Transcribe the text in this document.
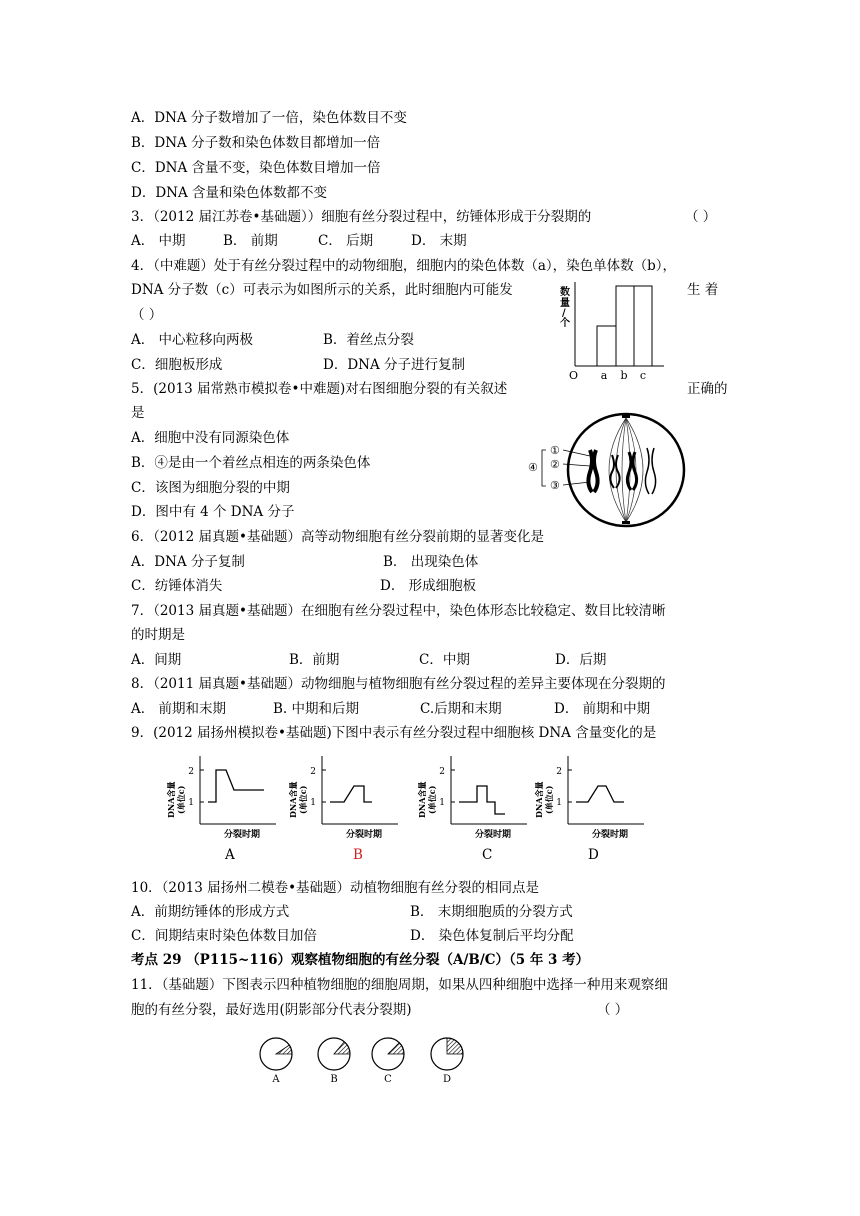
A．DNA 分子数增加了一倍，染色体数目不变
B．DNA 分子数和染色体数目都增加一倍
C．DNA 含量不变，染色体数目增加一倍
D．DNA 含量和染色体数都不变
3．（2012 届江苏卷•基础题））细胞有丝分裂过程中，纺锤体形成于分裂期的	（ ）
A． 中期	B． 前期	C． 后期	D． 末期
4．（中难题）处于有丝分裂过程中的动物细胞，细胞内的染色体数（a），染色单体数（b），
DNA 分子数（c）可表示为如图所示的关系，此时细胞内可能发	生 着
（ ）
A． 中心粒移向两极	B．着丝点分裂
C．细胞板形成	D．DNA 分子进行复制
数
量
/
个
O a b c
5．(2013 届常熟市模拟卷•中难题)对右图细胞分裂的有关叙述	正确的
是
A．细胞中没有同源染色体
B．④是由一个着丝点相连的两条染色体
C．该图为细胞分裂的中期
D．图中有 4 个 DNA 分子
①
②
③
④
6．（2012 届真题•基础题）高等动物细胞有丝分裂前期的显著变化是
A．DNA 分子复制	B． 出现染色体
C．纺锤体消失	D． 形成细胞板
7．（2013 届真题•基础题）在细胞有丝分裂过程中，染色体形态比较稳定、数目比较清晰
的时期是
A．间期	B．前期	C．中期	D．后期
8．（2011 届真题•基础题）动物细胞与植物细胞有丝分裂过程的差异主要体现在分裂期的
A． 前期和末期	B. 中期和后期	C.后期和末期	D． 前期和中期
9．(2012 届扬州模拟卷•基础题)下图中表示有丝分裂过程中细胞核 DNA 含量变化的是
DNA含量 (单位c)
2
1
分裂时期
DNA含量 (单位c)
2
1
分裂时期
DNA含量 (单位c)
2
1
分裂时期
DNA含量 (单位c)
2
1
分裂时期
A	B	C	D
10．（2013 届扬州二模卷•基础题）动植物细胞有丝分裂的相同点是
A．前期纺锤体的形成方式	B． 末期细胞质的分裂方式
C．间期结束时染色体数目加倍	D． 染色体复制后平均分配
考点 29 （P115~116）观察植物细胞的有丝分裂（A/B/C）（5 年 3 考）
11．（基础题）下图表示四种植物细胞的细胞周期，如果从四种细胞中选择一种用来观察细
胞的有丝分裂，最好选用(阴影部分代表分裂期)	（ ）
A	B	C	D
